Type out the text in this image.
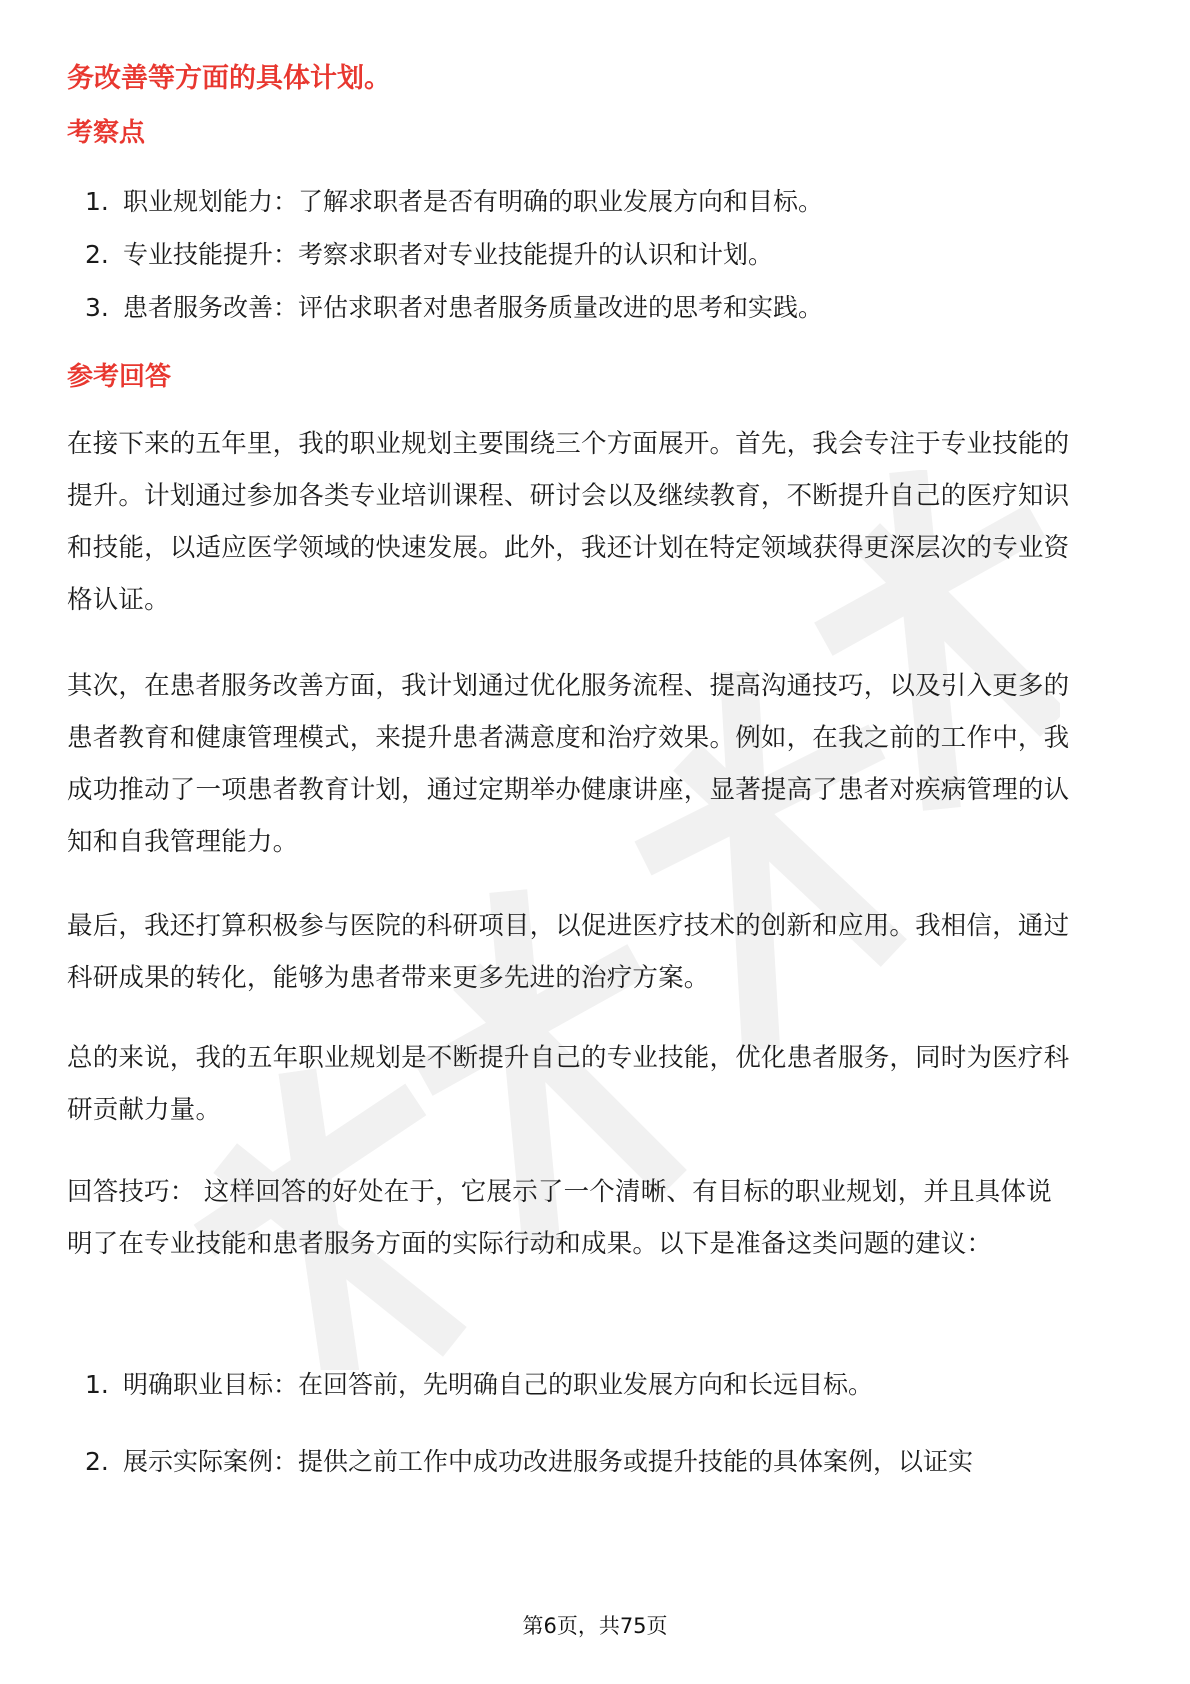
务改善等方面的具体计划。
考察点
1. 职业规划能力：了解求职者是否有明确的职业发展方向和目标。
2. 专业技能提升：考察求职者对专业技能提升的认识和计划。
3. 患者服务改善：评估求职者对患者服务质量改进的思考和实践。
参考回答

在接下来的五年里，我的职业规划主要围绕三个方面展开。首先，我会专注于专业技能的提升。计划通过参加各类专业培训课程、研讨会以及继续教育，不断提升自己的医疗知识和技能，以适应医学领域的快速发展。此外，我还计划在特定领域获得更深层次的专业资格认证。

其次，在患者服务改善方面，我计划通过优化服务流程、提高沟通技巧，以及引入更多的患者教育和健康管理模式，来提升患者满意度和治疗效果。例如，在我之前的工作中，我成功推动了一项患者教育计划，通过定期举办健康讲座，显著提高了患者对疾病管理的认知和自我管理能力。

最后，我还打算积极参与医院的科研项目，以促进医疗技术的创新和应用。我相信，通过科研成果的转化，能够为患者带来更多先进的治疗方案。

总的来说，我的五年职业规划是不断提升自己的专业技能，优化患者服务，同时为医疗科研贡献力量。

回答技巧： 这样回答的好处在于，它展示了一个清晰、有目标的职业规划，并且具体说明了在专业技能和患者服务方面的实际行动和成果。以下是准备这类问题的建议：

1. 明确职业目标：在回答前，先明确自己的职业发展方向和长远目标。
2. 展示实际案例：提供之前工作中成功改进服务或提升技能的具体案例，以证实
第6页，共75页
